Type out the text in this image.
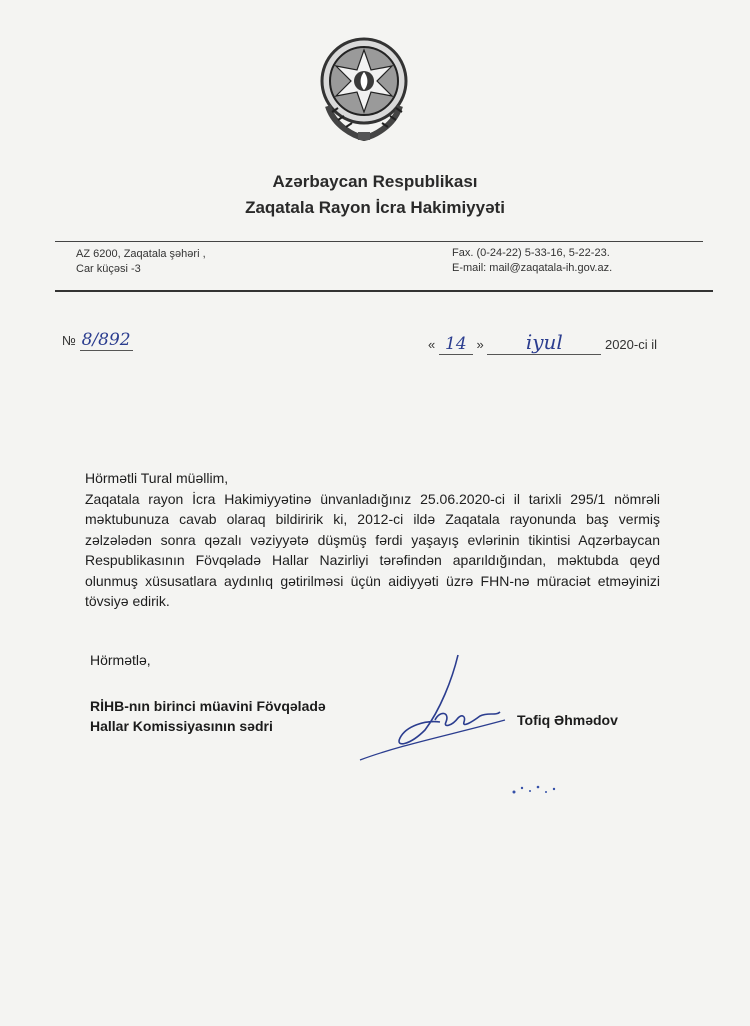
Azərbaycan Respublikası
Zaqatala Rayon İcra Hakimiyyəti
AZ 6200, Zaqatala şəhəri ,
Car küçəsi -3
Fax. (0-24-22) 5-33-16, 5-22-23.
E-mail: mail@zaqatala-ih.gov.az.
№ 8/892	« 14 » iyul	2020-ci il

Hörmətli Tural müəllim,

Zaqatala rayon İcra Hakimiyyətinə ünvanladığınız 25.06.2020-ci il tarixli 295/1 nömrəli məktubunuza cavab olaraq bildiririk ki, 2012-ci ildə Zaqatala rayonunda baş vermiş zəlzələdən sonra qəzalı vəziyyətə düşmüş fərdi yaşayış evlərinin tikintisi Aqzərbaycan Respublikasının Fövqəladə Hallar Nazirliyi tərəfindən aparıldığından, məktubda qeyd olunmuş xüsusatlara aydınlıq gətirilməsi üçün aidiyyəti üzrə FHN-nə müraciət etməyinizi tövsiyə edirik.

Hörmətlə,
RİHB-nın birinci müavini Fövqəladə
Hallar Komissiyasının sədri	Tofiq Əhmədov
